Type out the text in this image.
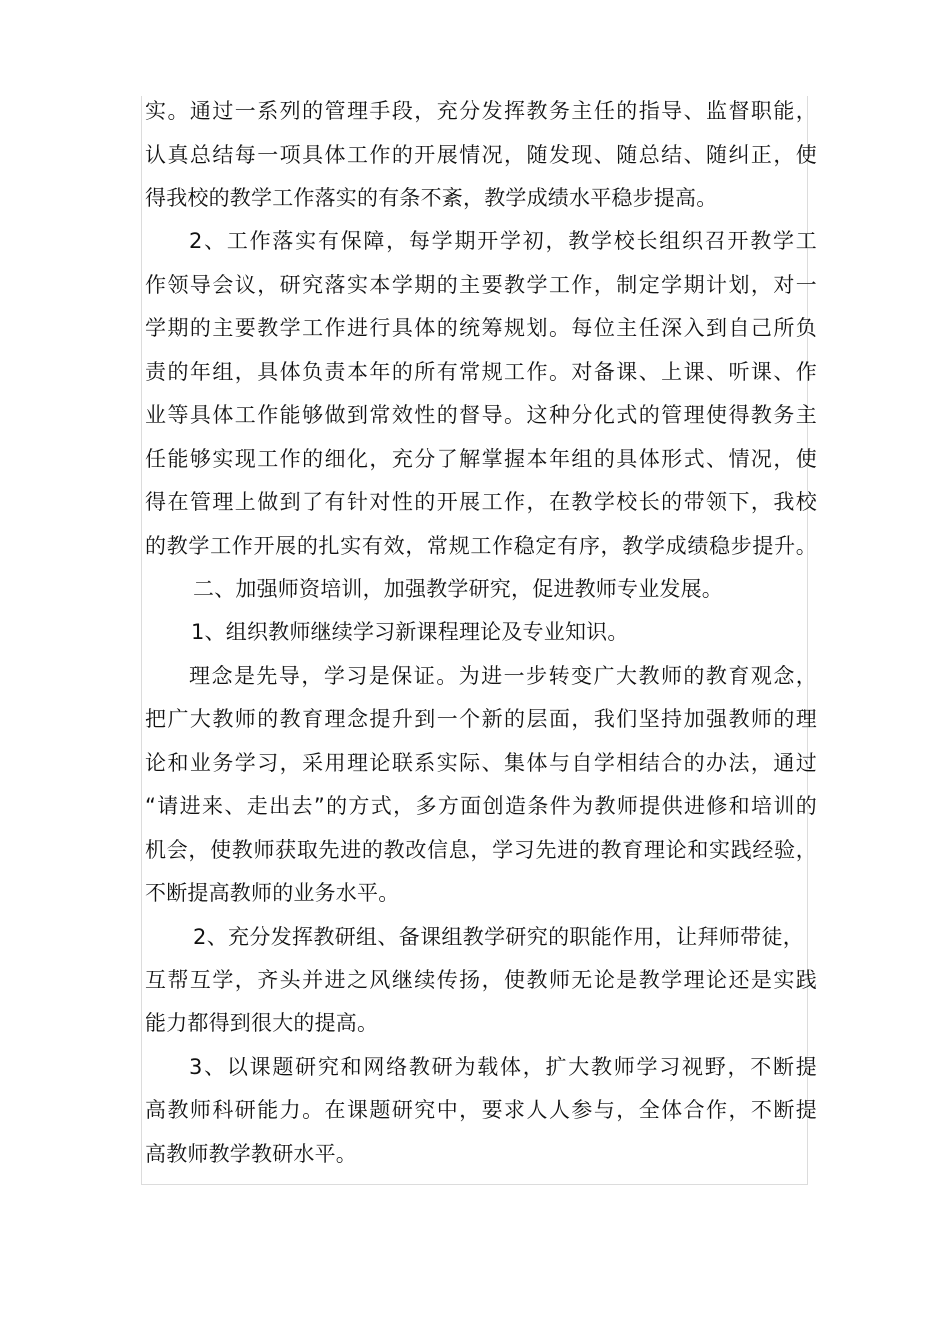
实。通过一系列的管理手段，充分发挥教务主任的指导、监督职能，
认真总结每一项具体工作的开展情况，随发现、随总结、随纠正，使
得我校的教学工作落实的有条不紊，教学成绩水平稳步提高。
2、工作落实有保障，每学期开学初，教学校长组织召开教学工
作领导会议，研究落实本学期的主要教学工作，制定学期计划，对一
学期的主要教学工作进行具体的统筹规划。每位主任深入到自己所负
责的年组，具体负责本年的所有常规工作。对备课、上课、听课、作
业等具体工作能够做到常效性的督导。这种分化式的管理使得教务主
任能够实现工作的细化，充分了解掌握本年组的具体形式、情况，使
得在管理上做到了有针对性的开展工作，在教学校长的带领下，我校
的教学工作开展的扎实有效，常规工作稳定有序，教学成绩稳步提升。
二、加强师资培训，加强教学研究，促进教师专业发展。
1、组织教师继续学习新课程理论及专业知识。
理念是先导，学习是保证。为进一步转变广大教师的教育观念，
把广大教师的教育理念提升到一个新的层面，我们坚持加强教师的理
论和业务学习，采用理论联系实际、集体与自学相结合的办法，通过
“请进来、走出去”的方式，多方面创造条件为教师提供进修和培训的
机会，使教师获取先进的教改信息，学习先进的教育理论和实践经验，
不断提高教师的业务水平。
2、充分发挥教研组、备课组教学研究的职能作用，让拜师带徒，
互帮互学，齐头并进之风继续传扬，使教师无论是教学理论还是实践
能力都得到很大的提高。
3、以课题研究和网络教研为载体，扩大教师学习视野，不断提
高教师科研能力。在课题研究中，要求人人参与，全体合作，不断提
高教师教学教研水平。
